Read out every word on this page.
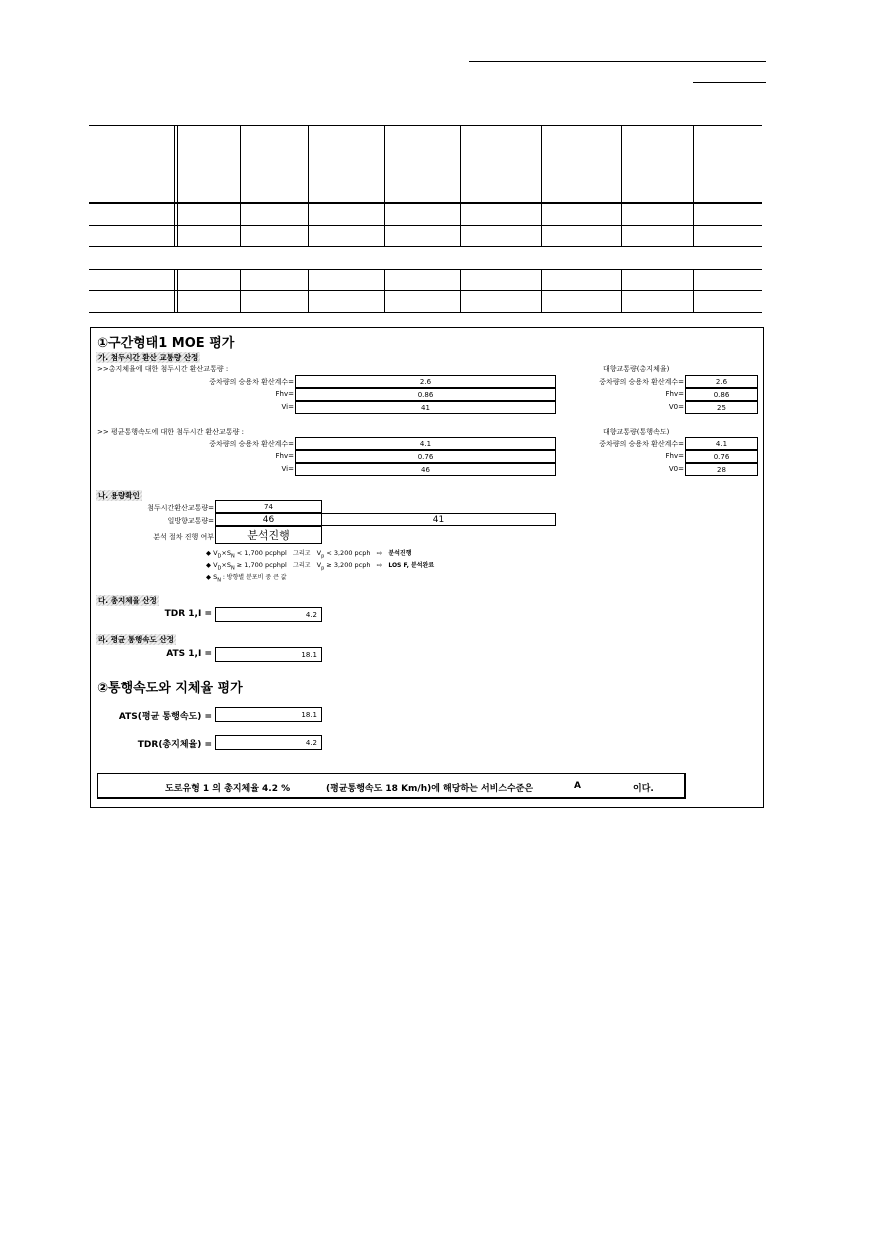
①구간형태1 MOE 평가
가. 첨두시간 환산 교통량 산정
>>총지체율에 대한 첨두시간 환산교통량 :	대향교통량(총지체율)
중차량의 승용차 환산계수=	2.6
Fhv=	0.86
Vi=	41
중차량의 승용차 환산계수=	2.6
Fhv=	0.86
V0=	25
>> 평균통행속도에 대한 첨두시간 환산교통량 :	대향교통량(통행속도)
중차량의 승용차 환산계수=	4.1
Fhv=	0.76
Vi=	46
중차량의 승용차 환산계수=	4.1
Fhv=	0.76
V0=	28
나. 용량확인
첨두시간환산교통량=	74
일방향교통량=	46	41
분석 절차 진행 여부	분석진행
◆ $V_D\times S_N < 1,700$ pcphpl 그리고   $V_p < 3,200$ pcph ⇨ 분석진행
◆ $V_D\times S_N \ge 1,700$ pcphpl 그리고   $V_p \ge 3,200$ pcph ⇨ LOS F, 분석완료
◆ $S_N$ : 방향별 분포비 중 큰 값
다. 총지체율 산정
TDR 1,I =	4.2
라. 평균 통행속도 산정
ATS 1,I =	18.1
②통행속도와 지체율 평가
ATS(평균 통행속도) =	18.1
TDR(총지체율) =	4.2
도로유형 1 의 총지체율 4.2 %	(평균통행속도 18 Km/h)에 해당하는 서비스수준은	A	이다.
